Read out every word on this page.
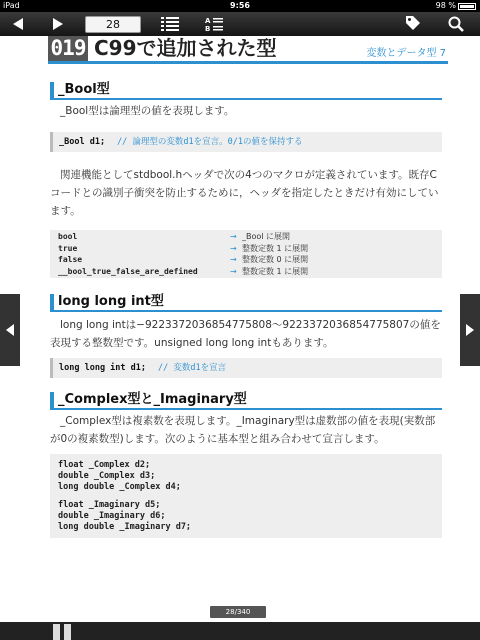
iPad	9:56	98 %
28	A
B
019 C99で追加された型	変数とデータ型 7
_Bool型
_Bool型は論理型の値を表現します。
_Bool d1; // 論理型の変数d1を宣言。0/1の値を保持する
関連機能としてstdbool.hヘッダで次の4つのマクロが定義されています。既存Cコードとの識別子衝突を防止するために，ヘッダを指定したときだけ有効にしています。
bool	→ _Bool に展開
true	→ 整数定数 1 に展開
false	→ 整数定数 0 に展開
__bool_true_false_are_defined	→ 整数定数 1 に展開
long long int型
long long intは−9223372036854775808～9223372036854775807の値を表現する整数型です。unsigned long long intもあります。
long long int d1; // 変数d1を宣言
_Complex型と_Imaginary型
_Complex型は複素数を表現します。_Imaginary型は虚数部の値を表現(実数部が0の複素数型)します。次のように基本型と組み合わせて宣言します。
float _Complex d2;
double _Complex d3;
long double _Complex d4;
float _Imaginary d5;
double _Imaginary d6;
long double _Imaginary d7;
28/340
